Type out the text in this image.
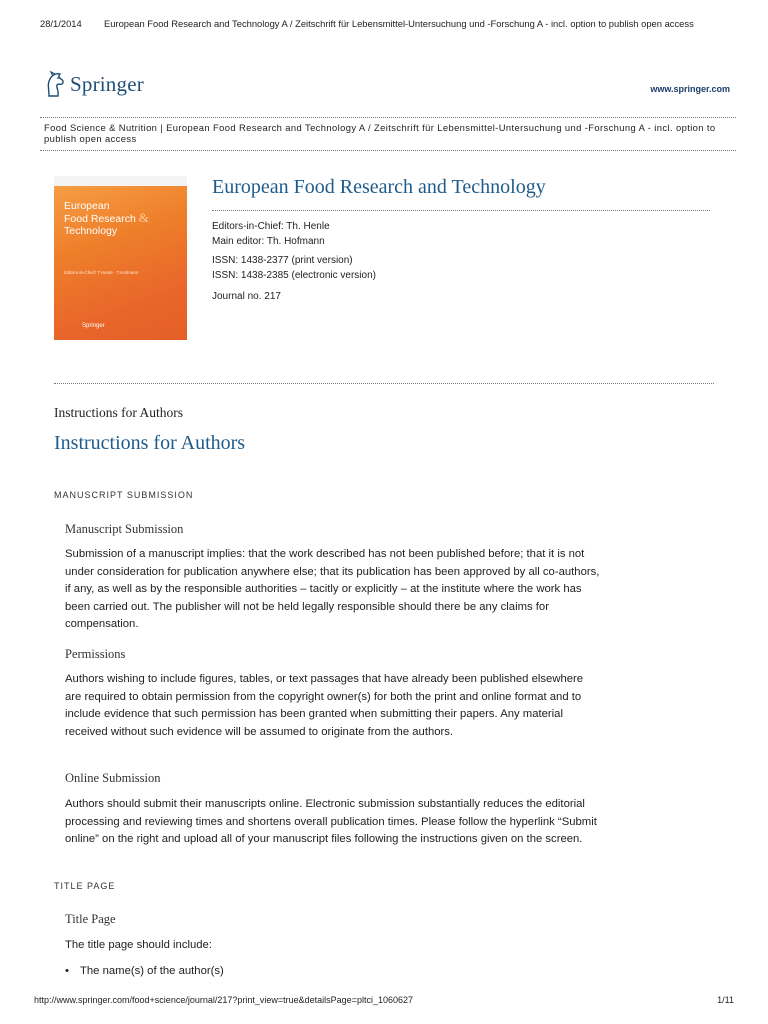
28/1/2014 European Food Research and Technology A / Zeitschrift für Lebensmittel-Untersuchung und -Forschung A - incl. option to publish open access
Springer	www.springer.com
Food Science & Nutrition | European Food Research and Technology A / Zeitschrift für Lebensmittel-Untersuchung und -Forschung A - incl. option to publish open access
European
Food Research &
Technology
Editors-in-Chief: T.Henle · T.Hofmann
Springer
European Food Research and Technology
Editors-in-Chief: Th. Henle
Main editor: Th. Hofmann
ISSN: 1438-2377 (print version)
ISSN: 1438-2385 (electronic version)
Journal no. 217
Instructions for Authors
Instructions for Authors
MANUSCRIPT SUBMISSION
Manuscript Submission

Submission of a manuscript implies: that the work described has not been published before; that it is not under consideration for publication anywhere else; that its publication has been approved by all co-authors, if any, as well as by the responsible authorities – tacitly or explicitly – at the institute where the work has been carried out. The publisher will not be held legally responsible should there be any claims for compensation.

Permissions

Authors wishing to include figures, tables, or text passages that have already been published elsewhere are required to obtain permission from the copyright owner(s) for both the print and online format and to include evidence that such permission has been granted when submitting their papers. Any material received without such evidence will be assumed to originate from the authors.

Online Submission

Authors should submit their manuscripts online. Electronic submission substantially reduces the editorial processing and reviewing times and shortens overall publication times. Please follow the hyperlink “Submit online” on the right and upload all of your manuscript files following the instructions given on the screen.

TITLE PAGE
Title Page

The title page should include:

• The name(s) of the author(s)
http://www.springer.com/food+science/journal/217?print_view=true&detailsPage=pltci_1060627	1/11
